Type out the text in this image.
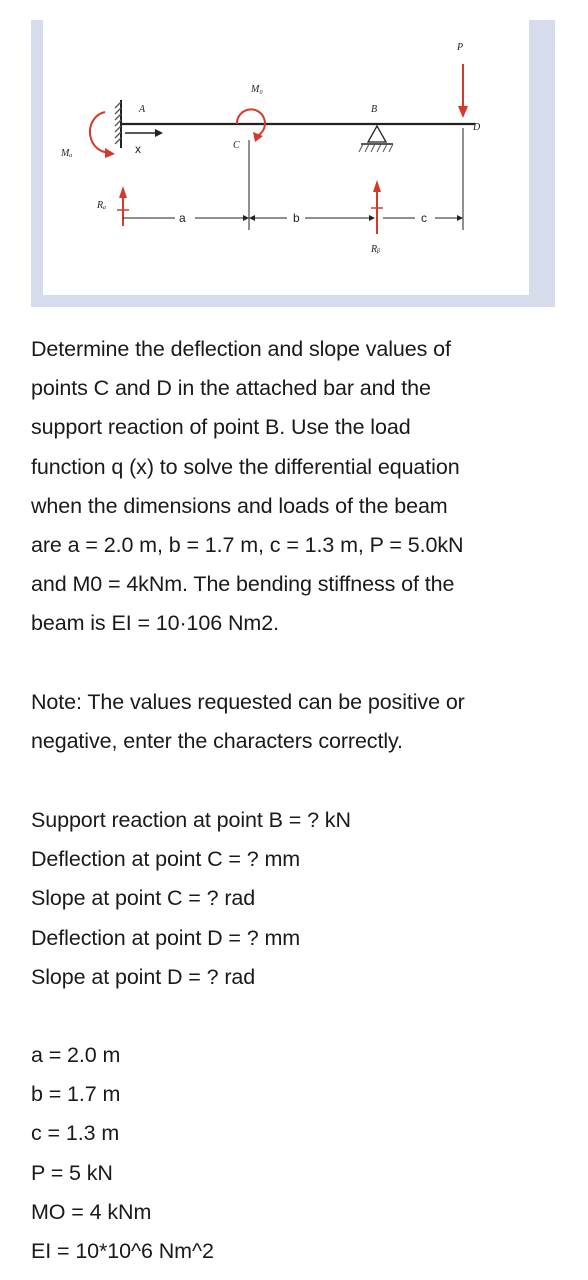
x
A
Mₐ
Rₐ
M₀
C
B
Rᵦ
P
D
a	b	c
Determine the deflection and slope values of
points C and D in the attached bar and the
support reaction of point B. Use the load
function q (x) to solve the differential equation
when the dimensions and loads of the beam
are a = 2.0 m, b = 1.7 m, c = 1.3 m, P = 5.0kN
and M0 = 4kNm. The bending stiffness of the
beam is EI = 10·106 Nm2.
Note: The values requested can be positive or
negative, enter the characters correctly.
Support reaction at point B = ? kN
Deflection at point C = ? mm
Slope at point C = ? rad
Deflection at point D = ? mm
Slope at point D = ? rad
a = 2.0 m
b = 1.7 m
c = 1.3 m
P = 5 kN
MO = 4 kNm
EI = 10*10^6 Nm^2
